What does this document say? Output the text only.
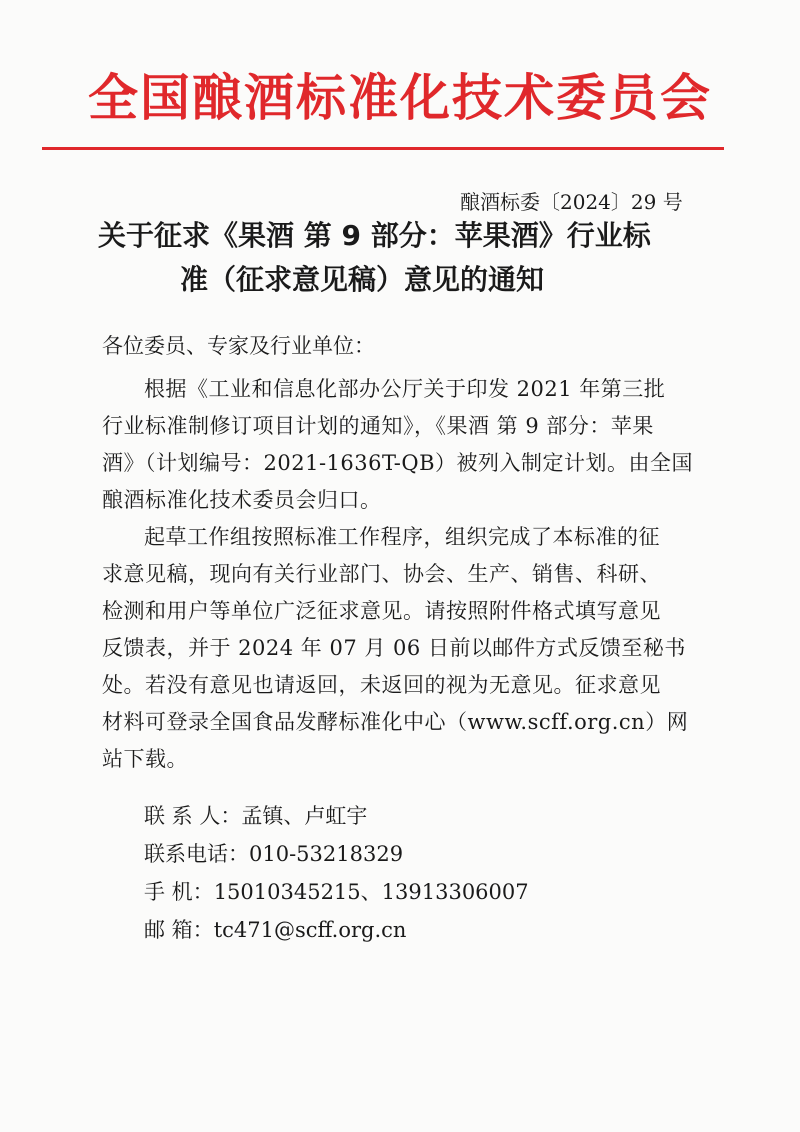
全国酿酒标准化技术委员会
酿酒标委〔2024〕29 号
关于征求《果酒 第 9 部分：苹果酒》行业标
准（征求意见稿）意见的通知
各位委员、专家及行业单位：
根据《工业和信息化部办公厅关于印发 2021 年第三批
行业标准制修订项目计划的通知》，《果酒 第 9 部分：苹果
酒》（计划编号：2021-1636T-QB）被列入制定计划。由全国
酿酒标准化技术委员会归口。
起草工作组按照标准工作程序，组织完成了本标准的征
求意见稿，现向有关行业部门、协会、生产、销售、科研、
检测和用户等单位广泛征求意见。请按照附件格式填写意见
反馈表，并于 2024 年 07 月 06 日前以邮件方式反馈至秘书
处。若没有意见也请返回，未返回的视为无意见。征求意见
材料可登录全国食品发酵标准化中心（www.scff.org.cn）网
站下载。
联 系 人：孟镇、卢虹宇
联系电话：010-53218329
手 机：15010345215、13913306007
邮 箱：tc471@scff.org.cn
